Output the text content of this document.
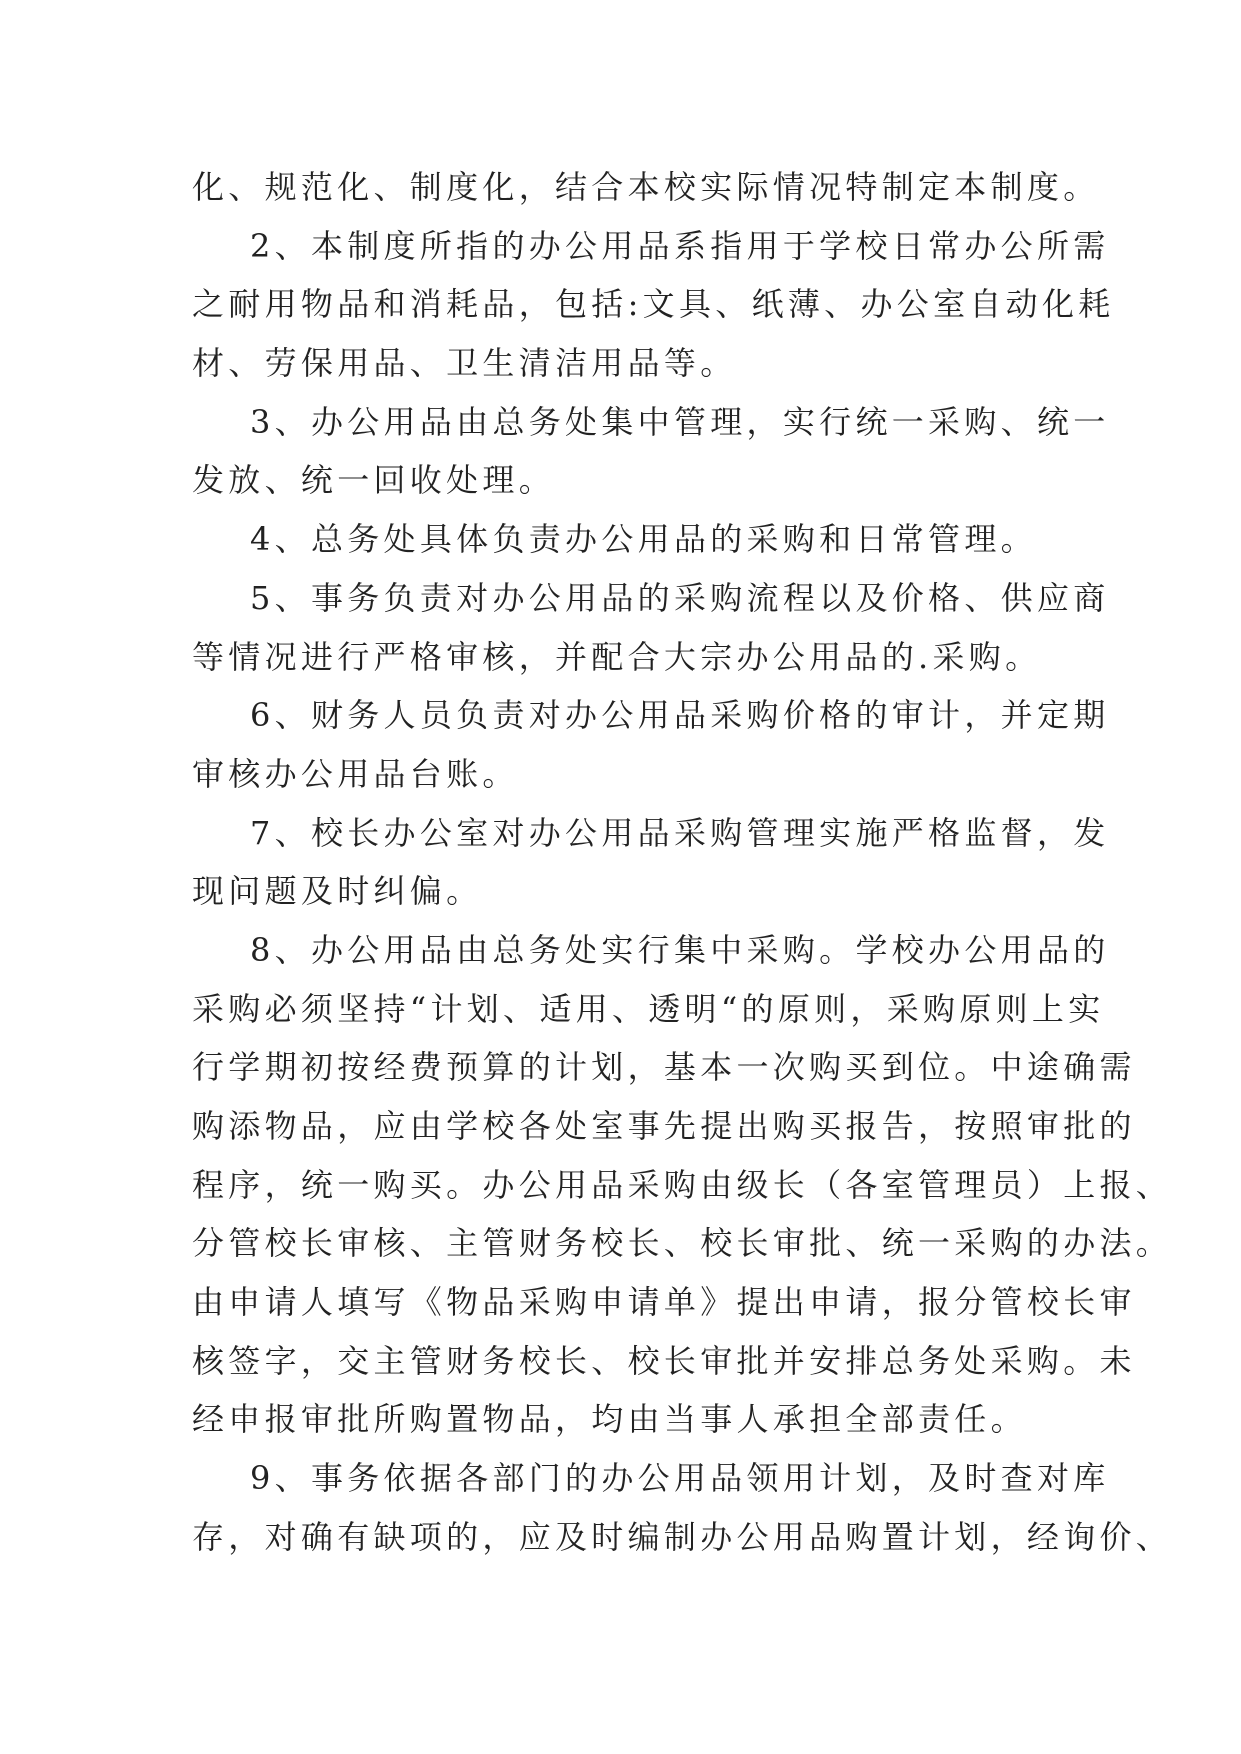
化、规范化、制度化，结合本校实际情况特制定本制度。
2、本制度所指的办公用品系指用于学校日常办公所需
之耐用物品和消耗品，包括:文具、纸薄、办公室自动化耗
材、劳保用品、卫生清洁用品等。
3、办公用品由总务处集中管理，实行统一采购、统一
发放、统一回收处理。
4、总务处具体负责办公用品的采购和日常管理。
5、事务负责对办公用品的采购流程以及价格、供应商
等情况进行严格审核，并配合大宗办公用品的.采购。
6、财务人员负责对办公用品采购价格的审计，并定期
审核办公用品台账。
7、校长办公室对办公用品采购管理实施严格监督，发
现问题及时纠偏。
8、办公用品由总务处实行集中采购。学校办公用品的
采购必须坚持“计划、适用、透明“的原则，采购原则上实
行学期初按经费预算的计划，基本一次购买到位。中途确需
购添物品，应由学校各处室事先提出购买报告，按照审批的
程序，统一购买。办公用品采购由级长（各室管理员）上报、
分管校长审核、主管财务校长、校长审批、统一采购的办法。
由申请人填写《物品采购申请单》提出申请，报分管校长审
核签字，交主管财务校长、校长审批并安排总务处采购。未
经申报审批所购置物品，均由当事人承担全部责任。
9、事务依据各部门的办公用品领用计划，及时查对库
存，对确有缺项的，应及时编制办公用品购置计划，经询价、
